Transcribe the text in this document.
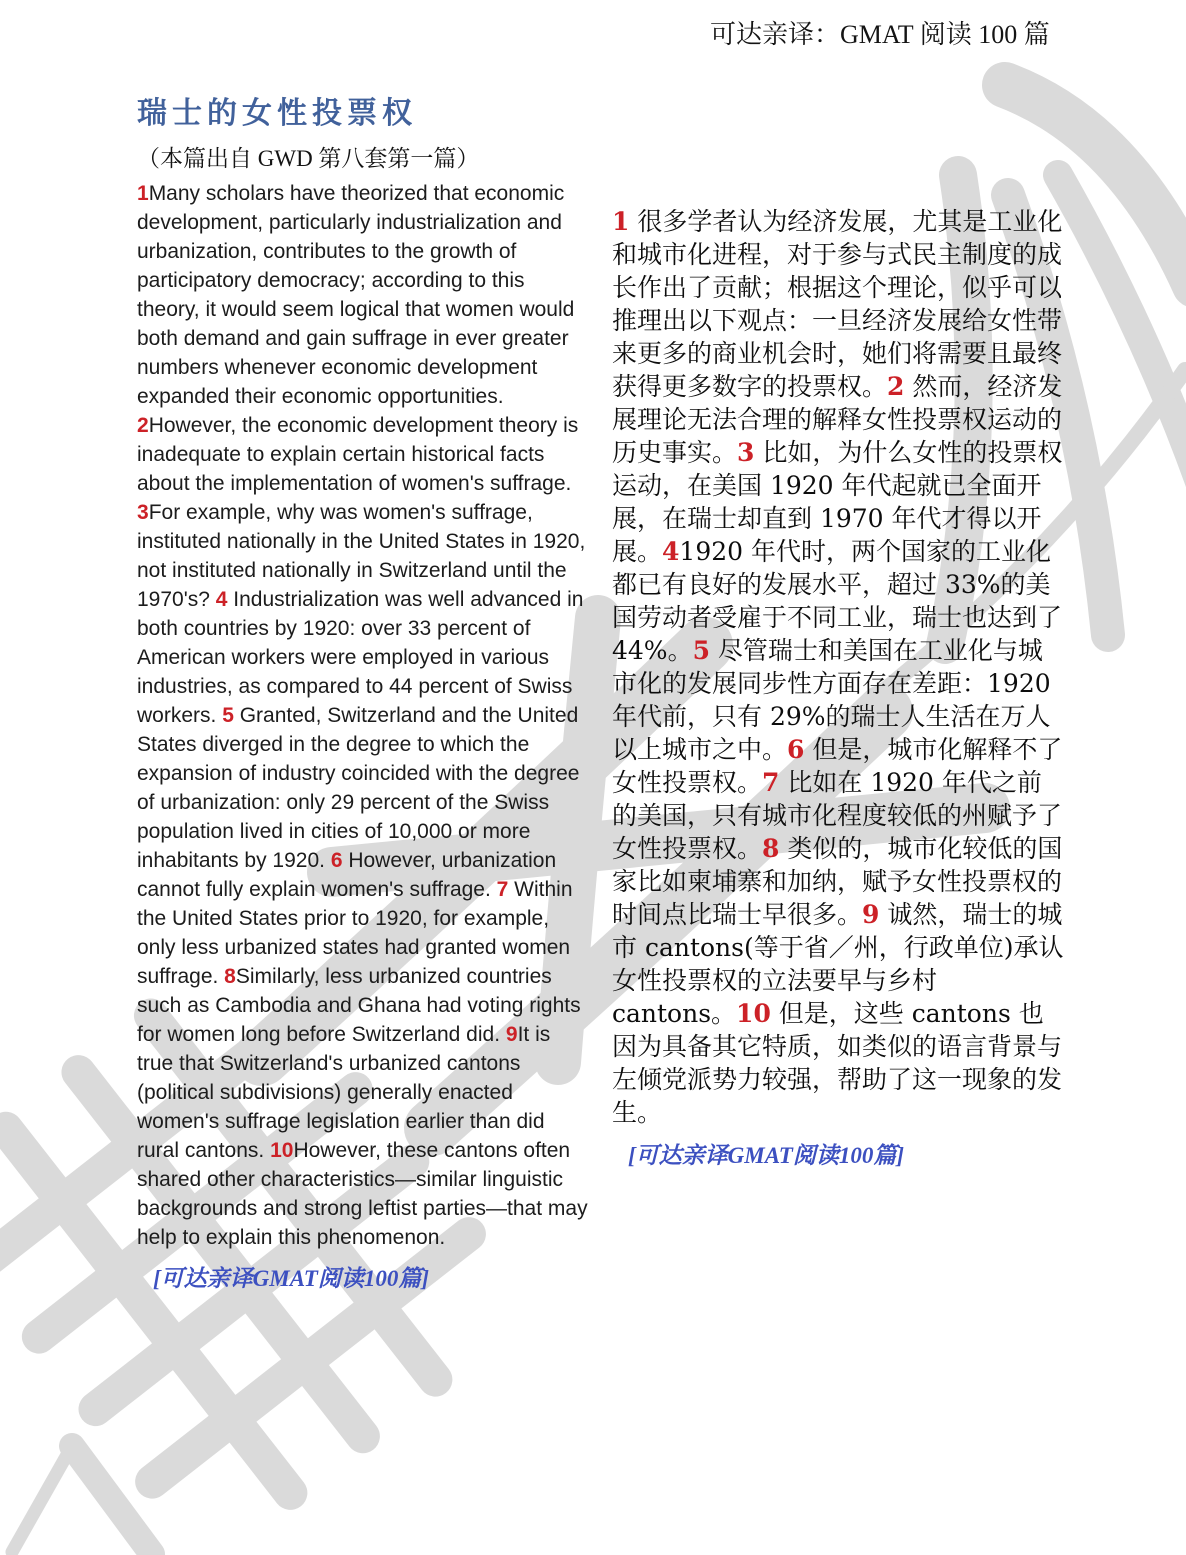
可达亲译：GMAT 阅读 100 篇
瑞士的女性投票权
（本篇出自 GWD 第八套第一篇）

1Many scholars have theorized that economic development, particularly industrialization and urbanization, contributes to the growth of participatory democracy; according to this theory, it would seem logical that women would both demand and gain suffrage in ever greater numbers whenever economic development expanded their economic opportunities. 2However, the economic development theory is inadequate to explain certain historical facts about the implementation of women's suffrage. 3For example, why was women's suffrage, instituted nationally in the United States in 1920, not instituted nationally in Switzerland until the 1970's? 4 Industrialization was well advanced in both countries by 1920: over 33 percent of American workers were employed in various industries, as compared to 44 percent of Swiss workers. 5 Granted, Switzerland and the United States diverged in the degree to which the expansion of industry coincided with the degree of urbanization: only 29 percent of the Swiss population lived in cities of 10,000 or more inhabitants by 1920. 6 However, urbanization cannot fully explain women's suffrage. 7 Within the United States prior to 1920, for example, only less urbanized states had granted women suffrage. 8Similarly, less urbanized countries such as Cambodia and Ghana had voting rights for women long before Switzerland did. 9It is true that Switzerland's urbanized cantons (political subdivisions) generally enacted women's suffrage legislation earlier than did rural cantons. 10However, these cantons often shared other characteristics—similar linguistic backgrounds and strong leftist parties—that may help to explain this phenomenon.

[可达亲译GMAT阅读100篇]

1 很多学者认为经济发展，尤其是工业化和城市化进程，对于参与式民主制度的成长作出了贡献；根据这个理论，似乎可以推理出以下观点：一旦经济发展给女性带来更多的商业机会时，她们将需要且最终获得更多数字的投票权。2 然而，经济发展理论无法合理的解释女性投票权运动的历史事实。3 比如，为什么女性的投票权运动，在美国 1920 年代起就已全面开展，在瑞士却直到 1970 年代才得以开展。41920 年代时，两个国家的工业化都已有良好的发展水平，超过 33%的美国劳动者受雇于不同工业，瑞士也达到了 44%。5 尽管瑞士和美国在工业化与城市化的发展同步性方面存在差距：1920 年代前，只有 29%的瑞士人生活在万人以上城市之中。6 但是，城市化解释不了女性投票权。7 比如在 1920 年代之前的美国，只有城市化程度较低的州赋予了女性投票权。8 类似的，城市化较低的国家比如柬埔寨和加纳，赋予女性投票权的时间点比瑞士早很多。9 诚然，瑞士的城市 cantons(等于省／州，行政单位)承认女性投票权的立法要早与乡村 cantons。10 但是，这些 cantons 也因为具备其它特质，如类似的语言背景与左倾党派势力较强，帮助了这一现象的发生。

[可达亲译GMAT阅读100篇]
